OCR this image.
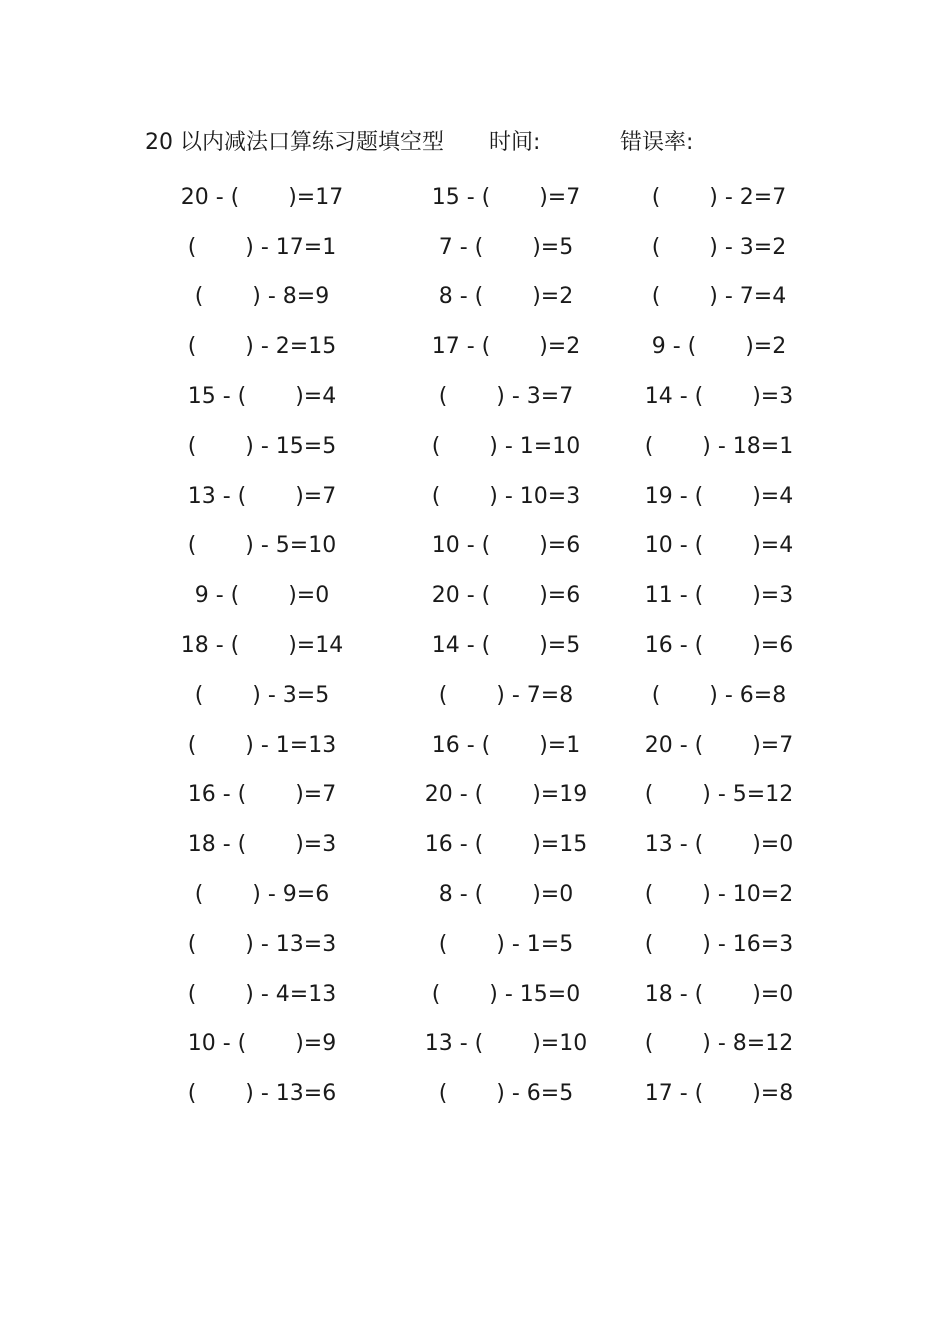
20 以内减法口算练习题填空型 时间:	错误率:
20 - (       )=17	15 - (       )=7	(       ) - 2=7
(       ) - 17=1	7 - (       )=5	(       ) - 3=2
(       ) - 8=9	8 - (       )=2	(       ) - 7=4
(       ) - 2=15	17 - (       )=2	9 - (       )=2
15 - (       )=4	(       ) - 3=7	14 - (       )=3
(       ) - 15=5	(       ) - 1=10	(       ) - 18=1
13 - (       )=7	(       ) - 10=3	19 - (       )=4
(       ) - 5=10	10 - (       )=6	10 - (       )=4
9 - (       )=0	20 - (       )=6	11 - (       )=3
18 - (       )=14	14 - (       )=5	16 - (       )=6
(       ) - 3=5	(       ) - 7=8	(       ) - 6=8
(       ) - 1=13	16 - (       )=1	20 - (       )=7
16 - (       )=7	20 - (       )=19	(       ) - 5=12
18 - (       )=3	16 - (       )=15	13 - (       )=0
(       ) - 9=6	8 - (       )=0	(       ) - 10=2
(       ) - 13=3	(       ) - 1=5	(       ) - 16=3
(       ) - 4=13	(       ) - 15=0	18 - (       )=0
10 - (       )=9	13 - (       )=10	(       ) - 8=12
(       ) - 13=6	(       ) - 6=5	17 - (       )=8
